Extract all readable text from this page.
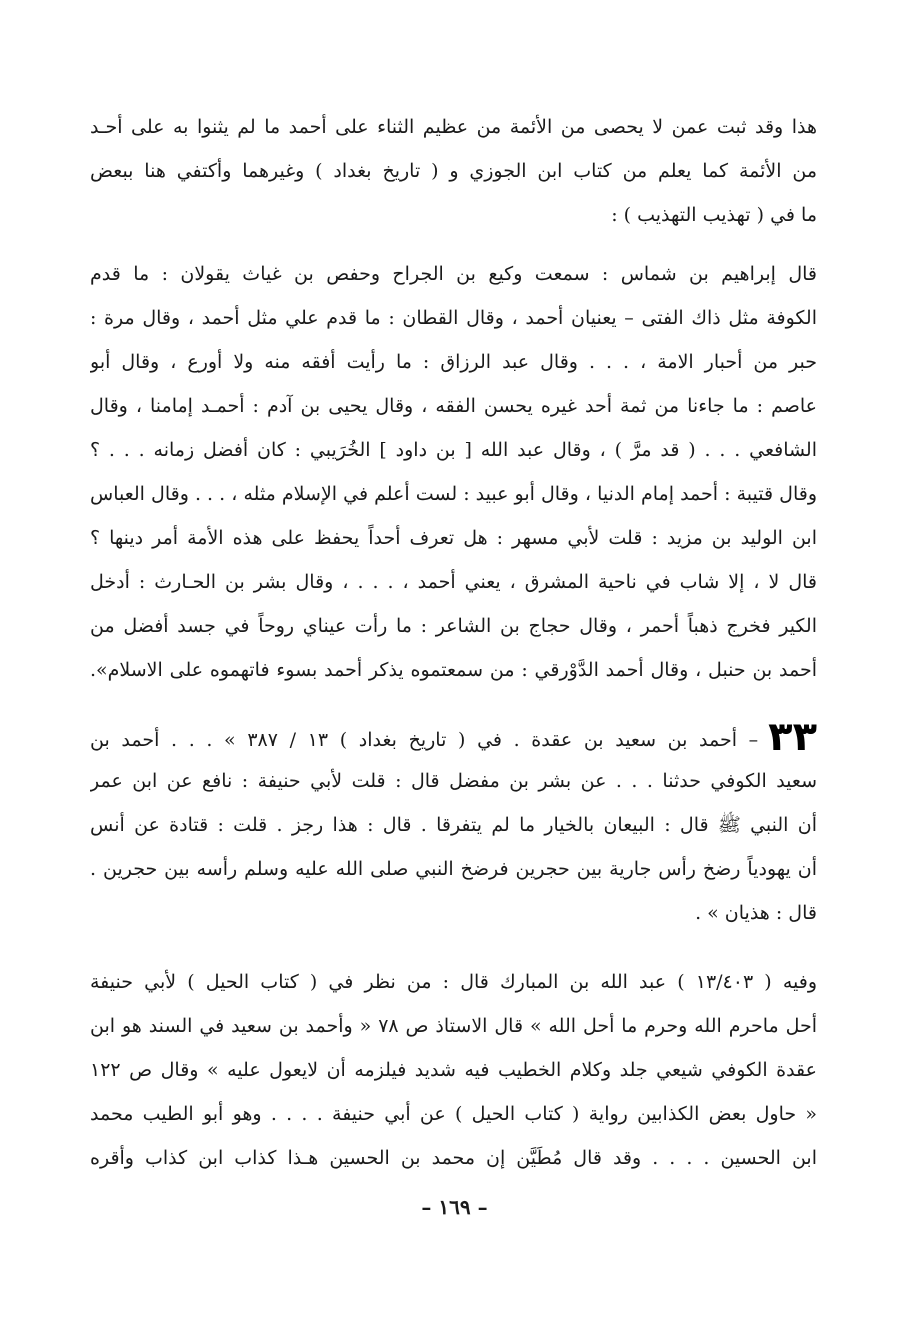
هذا وقد ثبت عمن لا يحصى من الأئمة من عظيم الثناء على أحمد ما لم يثنوا به على أحـد
من الأئمة كما يعلم من كتاب ابن الجوزي و ( تاريخ بغداد ) وغيرهما وأكتفي هنا ببعض
ما في ( تهذيب التهذيب ) :
قال إبراهيم بن شماس : سمعت وكيع بن الجراح وحفص بن غياث يقولان : ما قدم
الكوفة مثل ذاك الفتى – يعنيان أحمد ، وقال القطان : ما قدم علي مثل أحمد ، وقال مرة :
حبر من أحبار الامة ، . . . وقال عبد الرزاق : ما رأيت أفقه منه ولا أورع ، وقال أبو
عاصم : ما جاءنا من ثمة أحد غيره يحسن الفقه ، وقال يحيى بن آدم : أحمـد إمامنا ، وقال
الشافعي . . . ( قد مرَّ ) ، وقال عبد الله [ بن داود ] الخُرَيبي : كان أفضل زمانه . . . ؟
وقال قتيبة : أحمد إمام الدنيا ، وقال أبو عبيد : لست أعلم في الإسلام مثله ، . . . وقال العباس
ابن الوليد بن مزيد : قلت لأبي مسهر : هل تعرف أحداً يحفظ على هذه الأمة أمر دينها ؟
قال لا ، إلا شاب في ناحية المشرق ، يعني أحمد ، . . . ، وقال بشر بن الحـارث : أدخل
الكير فخرج ذهباً أحمر ، وقال حجاج بن الشاعر : ما رأت عيناي روحاً في جسد أفضل من
أحمد بن حنبل ، وقال أحمد الدَّوْرقي : من سمعتموه يذكر أحمد بسوء فاتهموه على الاسلام».
٣٣– أحمد بن سعيد بن عقدة . في ( تاريخ بغداد ) ١٣ / ٣٨٧ » . . . أحمد بن
سعيد الكوفي حدثنا . . . عن بشر بن مفضل قال : قلت لأبي حنيفة : نافع عن ابن عمر
أن النبي ﷺ قال : البيعان بالخيار ما لم يتفرقا . قال : هذا رجز . قلت : قتادة عن أنس
أن يهودياً رضخ رأس جارية بين حجرين فرضخ النبي صلى الله عليه وسلم رأسه بين حجرين .
قال : هذيان » .
وفيه ( ١٣/٤٠٣ ) عبد الله بن المبارك قال : من نظر في ( كتاب الحيل ) لأبي حنيفة
أحل ماحرم الله وحرم ما أحل الله » قال الاستاذ ص ٧٨ « وأحمد بن سعيد في السند هو ابن
عقدة الكوفي شيعي جلد وكلام الخطيب فيه شديد فيلزمه أن لايعول عليه » وقال ص ١٢٢
« حاول بعض الكذابين رواية ( كتاب الحيل ) عن أبي حنيفة . . . . وهو أبو الطيب محمد
ابن الحسين . . . . وقد قال مُطَيَّن إن محمد بن الحسين هـذا كذاب ابن كذاب وأقره
– ١٦٩ –
